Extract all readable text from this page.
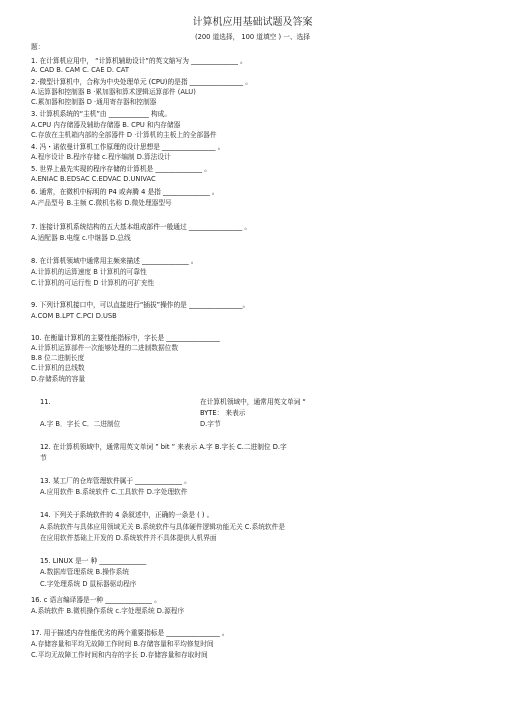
计算机应用基础试题及答案
(200 道选择， 100 道填空 ) 一、选择
题：
1. 在计算机应用中， “计算机辅助设计”的英文缩写为 ______________ 。
A. CAD B. CAM C. CAE D. CAT
2.·微型计算机中，合称为中央处理单元 (CPU)的是指 ________________ 。
A.运算器和控制器 B ·累加器和算术逻辑运算部件 (ALU)
C.累加器和控制器 D ·通用寄存器和控制器
3. 计算机系统的“主机”由 ____________ 构成。
A.CPU 内存储器及辅助存储器 B. CPU 和内存储器
C.存放在主机箱内部的全部器件 D ·计算机的主板上的全部器件
4. 冯・诺依曼计算机工作原理的设计思想是 ________________ 。
A.程序设计 B.程序存储 c.程序编制 D.算法设计
5. 世界上最先实现的程序存储的计算机是 ______________ 。
A.ENIAC B.EDSAC C.EDVAC D.UNIVAC
6. 通常，在微机中标明的 P4 或奔腾 4 是指 ______________ 。
A.产品型号 B.主频 C.微机名称 D.微处理器型号
7. 连接计算机系统结构的五大基本组成部件一般通过 ________________ 。
A.适配器 B.电缆 c.中继器 D.总线
8. 在计算机领域中通常用主频来描述 ______________ 。
A.计算机的运算速度 B 计算机的可靠性
C.计算机的可运行性 D 计算机的可扩充性
9. 下列计算机接口中，可以直接进行“插拔”操作的是 ________________。
A.COM B.LPT C.PCI D.USB
10. 在衡量计算机的主要性能指标中，字长是 ________________
A.计算机运算部件一次能够处理的二进制数据位数
B.8 位二进制长度
C.计算机的总线数
D.存储系统的容量
11.	在计算机领域中，通常用英文单词 “
BYTE： 来表示
A.字 B．字长 C．二进制位	D.字节
12. 在计算机领域中，通常用英文单词 ” bit ” 来表示 A.字 B.字长 C.二进制位 D.字
节
13. 某工厂的仓库管理软件属于 ______________ 。
A.应用软件 B.系统软件 C.工具软件 D.字处理软件
14. 下列关于系统软件的 4 条叙述中，正确的一条是 ( ) 。
A.系统软件与具体应用领域无关 B.系统软件与具体硬件逻辑功能无关 C.系统软件是
在应用软件基础上开发的 D.系统软件并不具体提供人机界面
15. LINUX 是一 种 ______________
A.数据库管理系统 B.操作系统
C.字处理系统 D 鼠标器驱动程序
16. c 语言编译器是一种 ______________ 。
A.系统软件 B.微机操作系统 c.字处理系统 D.源程序
17. 用于描述内存性能优劣的两个重要指标是 ________________ 。
A.存储容量和平均无故障工作时间 B.存储容量和平均修复时间
C.平均无故障工作时间和内存的字长 D.存储容量和存取时间
